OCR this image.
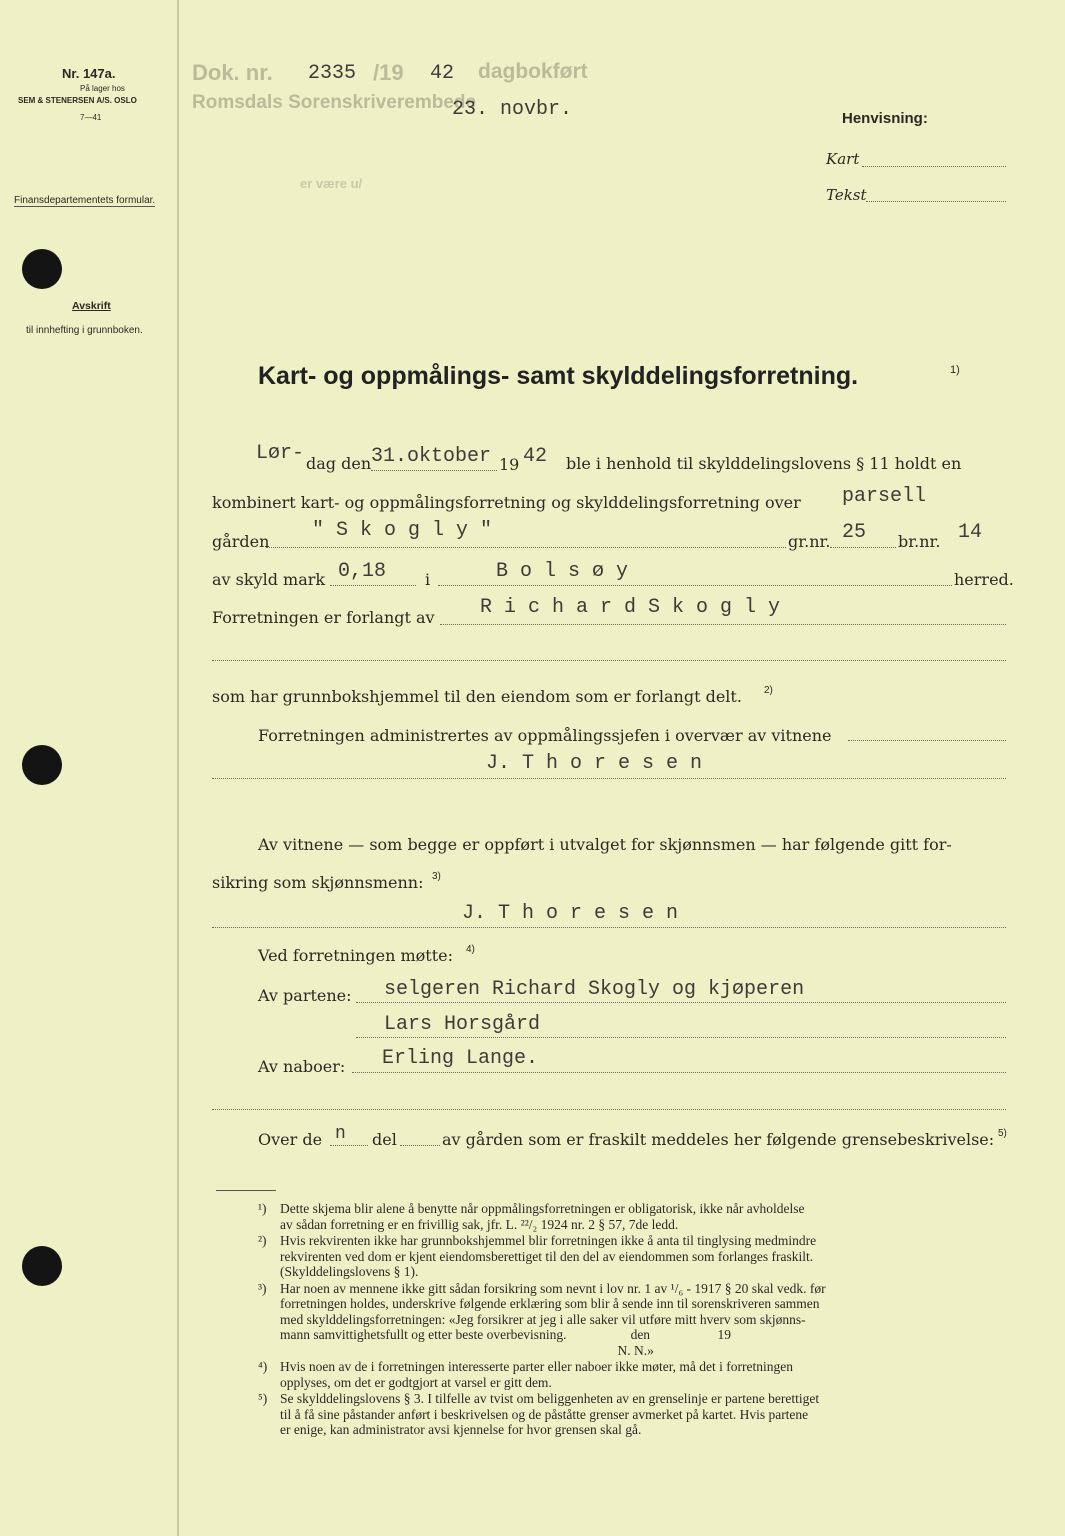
Nr. 147a.
På lager hos
SEM & STENERSEN A/S. OSLO
7—41
Finansdepartementets formular.
Avskrift
til innhefting i grunnboken.
Dok. nr. 2335 /19 42 dagbokført
Romsdals Sorenskriverembede
23. novbr.
er være u/
Henvisning:
Kart
Tekst
Kart- og oppmålings- samt skylddelingsforretning.	1)
Lør- dag den 31.oktober 19 42 ble i henhold til skylddelingslovens § 11 holdt en
kombinert kart- og oppmålingsforretning og skylddelingsforretning over parsell
gården " S k o g l y "	gr.nr. 25 br.nr. 14
av skyld mark 0,18 i	B o l s ø y	herred.
Forretningen er forlangt av R i c h a r d S k o g l y
som har grunnbokshjemmel til den eiendom som er forlangt delt. 2)
Forretningen administrertes av oppmålingssjefen i overvær av vitnene
J. T h o r e s e n
Av vitnene — som begge er oppført i utvalget for skjønnsmen — har følgende gitt for-
sikring som skjønnsmenn: 3)
J. T h o r e s e n
Ved forretningen møtte: 4)
Av partene: selgeren Richard Skogly og kjøperen
Lars Horsgård
Av naboer: Erling Lange.
Over de n del	av gården som er fraskilt meddeles her følgende grensebeskrivelse: 5)
¹) Dette skjema blir alene å benytte når oppmålingsforretningen er obligatorisk, ikke når avholdelse
av sådan forretning er en frivillig sak, jfr. L. ²²/₂ 1924 nr. 2 § 57, 7de ledd.
²) Hvis rekvirenten ikke har grunnbokshjemmel blir forretningen ikke å anta til tinglysing medmindre
rekvirenten ved dom er kjent eiendomsberettiget til den del av eiendommen som forlanges fraskilt.
(Skylddelingslovens § 1).
³) Har noen av mennene ikke gitt sådan forsikring som nevnt i lov nr. 1 av ¹/₆ - 1917 § 20 skal vedk. før
forretningen holdes, underskrive følgende erklæring som blir å sende inn til sorenskriveren sammen
med skylddelingsforretningen: «Jeg forsikrer at jeg i alle saker vil utføre mitt hverv som skjønns-
mann samvittighetsfullt og etter beste overbevisning.                   den                    19
N. N.»
⁴) Hvis noen av de i forretningen interesserte parter eller naboer ikke møter, må det i forretningen
opplyses, om det er godtgjort at varsel er gitt dem.
⁵) Se skylddelingslovens § 3. I tilfelle av tvist om beliggenheten av en grenselinje er partene berettiget
til å få sine påstander anført i beskrivelsen og de påståtte grenser avmerket på kartet. Hvis partene
er enige, kan administrator avsi kjennelse for hvor grensen skal gå.
